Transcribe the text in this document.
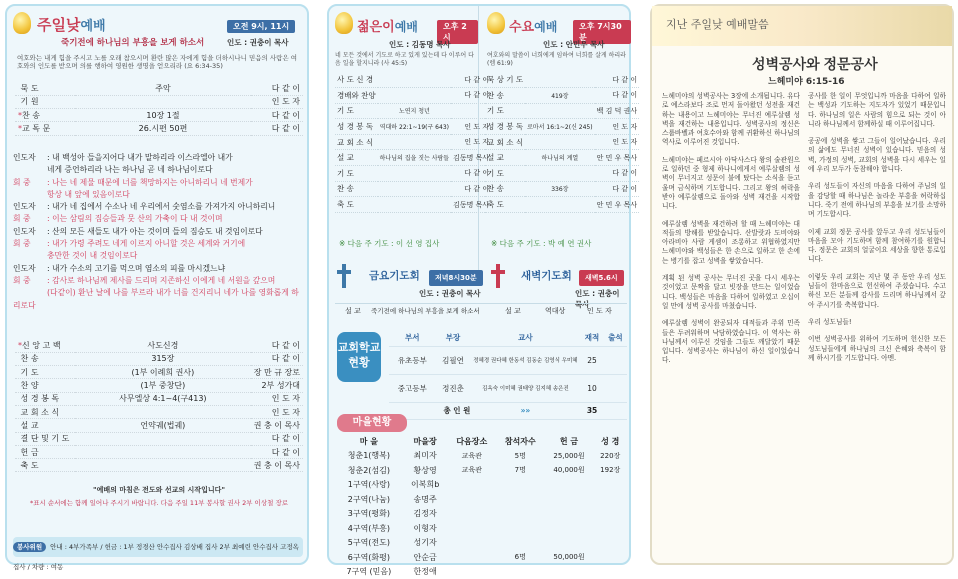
주일낮예배	오전 9시, 11시
죽기전에 하나님의 부흥을 보게 하소서	인도 : 권충이 목사
여호와는 내게 힘을 주시고 노를 오래 참으시며 환란 많은 자에게 힘을 더하시나니 믿음의 사람은 여호와의 인도를 받으며 의를 행하여 영원한 생명을 얻으리라 (요 6:34-35)
묵 도	주악	다 같 이
기 원		인 도 자
*찬 송	10장 1절	다 같 이
*교 독 문	26.시편 50편	다 같 이
인도자 : 내 백성아 들을지어다 내가 말하리라 이스라엘아 내가
네게 증언하리라 나는 하나님 곧 네 하나님이로다
회 중 : 나는 네 제물 때문에 너를 책망하지는 아니하리니 네 번제가
항상 내 앞에 있음이로다
인도자 : 내가 네 집에서 수소나 네 우리에서 숫염소를 가져가지 아니하리니
회 중 : 이는 삼림의 짐승들과 뭇 산의 가축이 다 내 것이며
인도자 : 산의 모든 새들도 내가 아는 것이며 들의 짐승도 내 것임이로다
회 중 : 내가 가령 주려도 네게 이르지 아니할 것은 세계와 거기에
충만한 것이 내 것임이로다
인도자 : 내가 수소의 고기를 먹으며 염소의 피를 마시겠느냐
회 중 : 감사로 하나님께 제사를 드리며 지존하신 이에게 네 서원을 갚으며
(다같이) 환난 날에 나를 부르라 내가 너를 건지리니 네가 나를 영화롭게 하리로다
*신 앙 고 백	사도신경	다 같 이
찬 송	315장	다 같 이
기 도	(1부 이례희 권사)	장 만 규 장로
찬 양	(1부 중창단)	2부 성가대
성 경 봉 독	사무엘상 4:1~4(구413)	인 도 자
교 회 소 식		인 도 자
설 교	언약궤(법궤)	권 충 이 목사
결 단 및 기 도		다 같 이
헌 금		다 같 이
축 도		권 충 이 목사
"예배의 마침은 전도와 선교의 시작입니다"
*표시 순서에는 함께 일어나 주시기 바랍니다. 다음 주일 11부 봉사할 권사 2부 이상철 장로
봉사위원 안내 : 4부가족부 / 헌금 : 1부 정경산 안수집사 김상배 집사 2부 최예린 안수집사 고정옥 집사 / 차량 : 여동
젊은이예배	오후 2시
인도 : 김동명 목사
네 모든 것에서 기도로 하고 있게 있는데 다 이루어 다음 일을 할지니라 (사 45:5)
사 도 신 경		다 같 이
경배와 찬양		다 같 이
기 도	노연지 청년	
성 경 봉 독	역대하 22:1~19(구 643)	인 도 자
교 회 소 식		인 도 자
설 교	하나님의 집을 짓는 사람들	김동명 목사
기 도		다 같 이
찬 송		다 같 이
축 도		김동명 목사
※ 다음 주 기도 : 이 선 영 집사
수요예배	오후 7시30분
인도 : 안민우 목사
여호와의 말씀이 너희에게 임하여 너희를 살게 하리라 (렘 61:9)
묵 상 기 도		다 같 이
찬 송	419장	다 같 이
기 도		백 김 덕 권사
성 경 봉 독	로마서 16:1~2(신 245)	인 도 자
교 회 소 식		인 도 자
설 교	하나님의 계열	안 민 우 목사
기 도		다 같 이
찬 송	336장	다 같 이
축 도		안 민 우 목사
※ 다음 주 기도 : 박 예 연 권사
금요기도회	저녁8시30분
인도 : 권충이 목사
새벽기도회	새벽5.6시
인도 : 권충이 목사
설 교 죽기전에 하나님의 부흥을 보게 하소서	설 교	역대상	인 도 자
교회학교
현황
부서	부장	교사	재적	출석
유초등부	김필연	정혜경 권다혜 한동석 김동순 김영식 우미혜	25	
중고등부	정진춘	김옥숙 이미혜 권태양 김지혜 송은진	10	
총 인 원		»»	35	
마을현황
마 을	마을장	다음장소	참석자수	헌 금	성 경
청춘1(행복)	최미자	교육관	5명	25,000원	220장
청춘2(섬김)	황상영	교육관	7명	40,000원	192장
1구역(사랑)	이복희b				
2구역(나눔)	송명주				
3구역(평화)	김정자				
4구역(부흥)	이형자				
5구역(전도)	성기자				
6구역(화평)	안순금		6명	50,000원	
7구역 (믿음)	한정애				
지난 주일낮 예배말씀
성벽공사와 정문공사
느헤미야 6:15-16

느헤미야의 성벽공사는 3장에 소개됩니다. 유다로 예스라보다 조로 먼저 돌아왔던 성전을 재건하는 내용이고 느헤미야는 무너진 예루살렘 성벽을 재건하는 내용입니다. 성벽공사의 정신은 스룹바벨과 여호수아와 함께 귀환하신 하나님의 역사로 이루어진 것입니다.

느헤미야는 페르시아 아닥사스다 왕의 술관원으로 일하던 중 형제 하나니에게서 예루살렘의 성벽이 무너지고 성문이 불에 탔다는 소식을 듣고 울며 금식하며 기도합니다. 그리고 왕의 허락을 받아 예루살렘으로 돌아와 성벽 재건을 시작합니다.

예루살렘 성벽을 재건하려 할 때 느헤미야는 대적들의 방해를 받았습니다. 산발랏과 도비야와 아라비아 사람 게셈이 조롱하고 위협하였지만 느헤미야와 백성들은 한 손으로 일하고 한 손에는 병기를 잡고 성벽을 쌓았습니다.

계획 된 성벽 공사는 무너진 곳을 다시 세우는 것이었고 문짝을 달고 빗장을 만드는 일이었습니다. 백성들은 마음을 다하여 일하였고 오십이 일 만에 성벽 공사를 마쳤습니다.

예루살렘 성벽이 완공되자 대적들과 주위 민족들은 두려워하며 낙담하였습니다. 이 역사는 하나님께서 이루신 것임을 그들도 깨달았기 때문입니다. 성벽공사는 하나님이 하신 일이었습니다.

공사를 한 일이 무엇입니까 마음을 다하여 일하는 백성과 기도하는 지도자가 있었기 때문입니다. 하나님의 일은 사람의 힘으로 되는 것이 아니라 하나님께서 함께하실 때 이루어집니다.

공공에 성벽을 쌓고 그들이 일어났습니다. 우리의 삶에도 무너진 성벽이 있습니다. 믿음의 성벽, 가정의 성벽, 교회의 성벽을 다시 세우는 일에 우리 모두가 동참해야 합니다.

우리 성도들이 자신의 마음을 다하여 주님의 일을 감당할 때 하나님은 놀라운 부흥을 허락하십니다. 죽기 전에 하나님의 부흥을 보기를 소망하며 기도합시다.

이제 교회 정문 공사를 앞두고 우리 성도님들이 마음을 모아 기도하며 함께 참여하기를 원합니다. 정문은 교회의 얼굴이요 세상을 향한 통로입니다.

이렇듯 우리 교회는 지난 몇 주 동안 우리 성도님들이 한마음으로 헌신하여 주셨습니다. 수고하신 모든 분들께 감사를 드리며 하나님께서 갚아 주시기를 축복합니다.

우리 성도님들!

이번 성벽공사를 위하여 기도하며 헌신한 모든 성도님들에게 하나님의 크신 은혜와 축복이 함께 하시기를 기도합니다. 아멘.
